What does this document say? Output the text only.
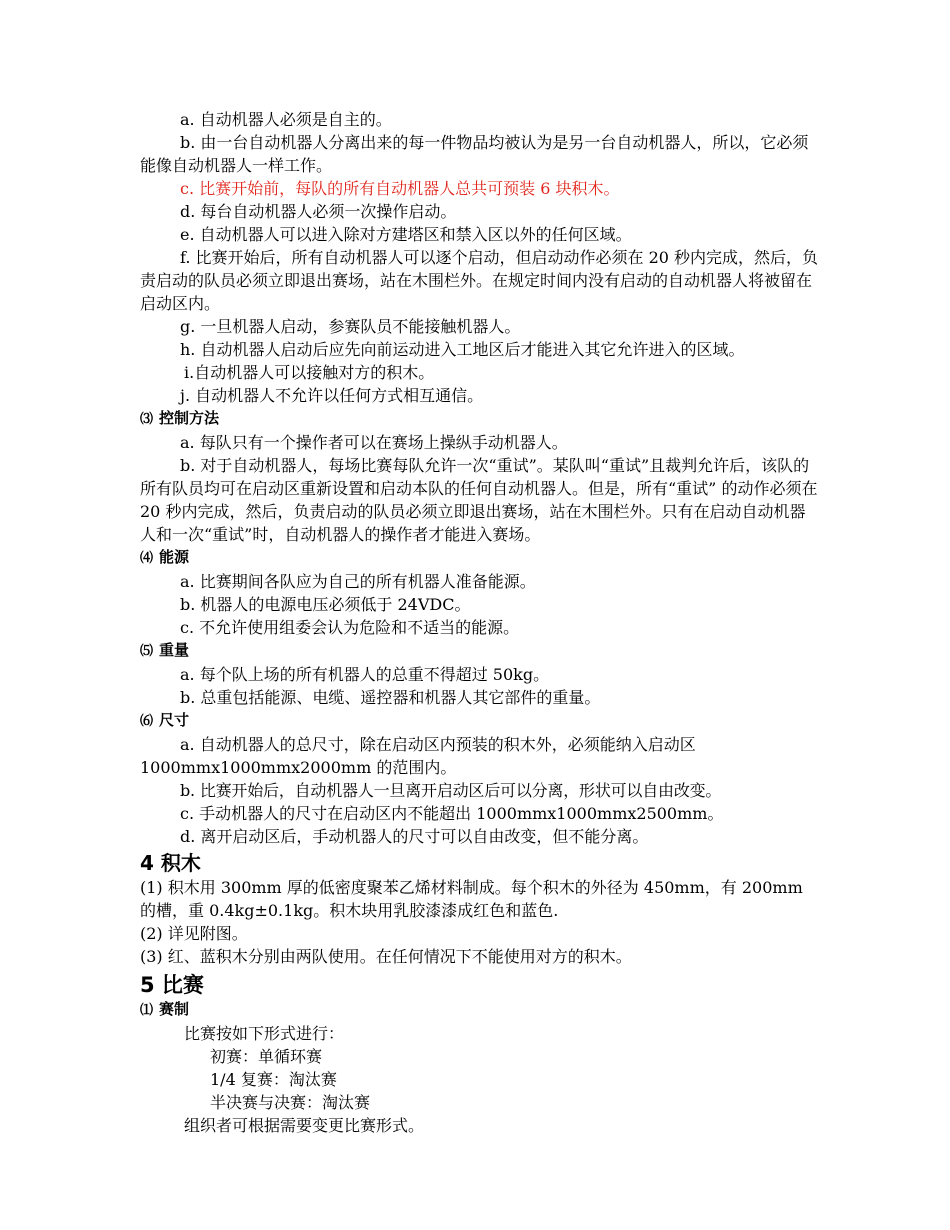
a. 自动机器人必须是自主的。

b. 由一台自动机器人分离出来的每一件物品均被认为是另一台自动机器人，所以，它必须能像自动机器人一样工作。

c. 比赛开始前，每队的所有自动机器人总共可预装 6 块积木。

d. 每台自动机器人必须一次操作启动。

e. 自动机器人可以进入除对方建塔区和禁入区以外的任何区域。

f. 比赛开始后，所有自动机器人可以逐个启动，但启动动作必须在 20 秒内完成，然后，负责启动的队员必须立即退出赛场，站在木围栏外。在规定时间内没有启动的自动机器人将被留在启动区内。

g. 一旦机器人启动，参赛队员不能接触机器人。

h. 自动机器人启动后应先向前运动进入工地区后才能进入其它允许进入的区域。

i.自动机器人可以接触对方的积木。

j. 自动机器人不允许以任何方式相互通信。

⑶ 控制方法

a. 每队只有一个操作者可以在赛场上操纵手动机器人。

b. 对于自动机器人，每场比赛每队允许一次“重试”。某队叫“重试”且裁判允许后，该队的所有队员均可在启动区重新设置和启动本队的任何自动机器人。但是，所有“重试” 的动作必须在 20 秒内完成，然后，负责启动的队员必须立即退出赛场，站在木围栏外。只有在启动自动机器人和一次“重试”时，自动机器人的操作者才能进入赛场。

⑷ 能源

a. 比赛期间各队应为自己的所有机器人准备能源。

b. 机器人的电源电压必须低于 24VDC。

c. 不允许使用组委会认为危险和不适当的能源。

⑸ 重量

a. 每个队上场的所有机器人的总重不得超过 50kg。

b. 总重包括能源、电缆、遥控器和机器人其它部件的重量。

⑹ 尺寸

a. 自动机器人的总尺寸，除在启动区内预装的积木外，必须能纳入启动区 1000mmx1000mmx2000mm 的范围内。

b. 比赛开始后，自动机器人一旦离开启动区后可以分离，形状可以自由改变。

c. 手动机器人的尺寸在启动区内不能超出 1000mmx1000mmx2500mm。

d. 离开启动区后，手动机器人的尺寸可以自由改变，但不能分离。

4 积木

(1) 积木用 300mm 厚的低密度聚苯乙烯材料制成。每个积木的外径为 450mm，有 200mm 的槽，重 0.4kg±0.1kg。积木块用乳胶漆漆成红色和蓝色.

(2) 详见附图。

(3) 红、蓝积木分别由两队使用。在任何情况下不能使用对方的积木。

5 比赛

⑴ 赛制

比赛按如下形式进行：

初赛：单循环赛

1/4 复赛：淘汰赛

半决赛与决赛：淘汰赛

组织者可根据需要变更比赛形式。
